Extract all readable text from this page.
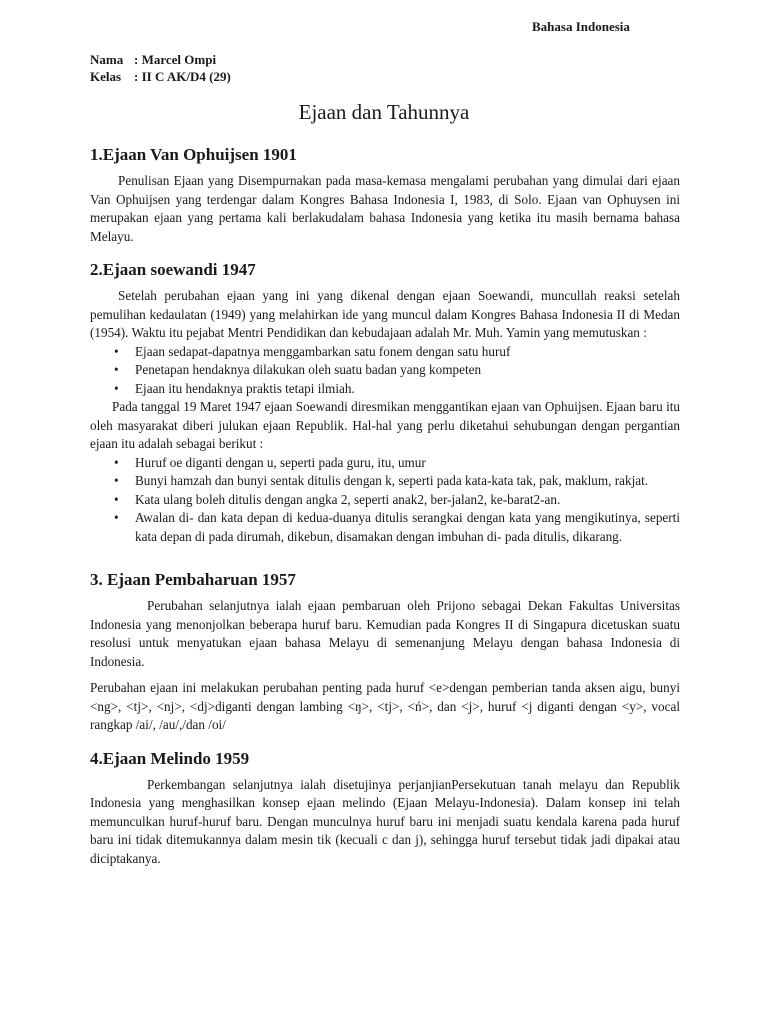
Bahasa Indonesia
Nama : Marcel Ompi
Kelas : II C AK/D4 (29)
Ejaan dan Tahunnya
1.Ejaan Van Ophuijsen 1901

Penulisan Ejaan yang Disempurnakan pada masa-kemasa mengalami perubahan yang dimulai dari ejaan Van Ophuijsen yang terdengar dalam Kongres Bahasa Indonesia I, 1983, di Solo. Ejaan van Ophuysen ini merupakan ejaan yang pertama kali berlakudalam bahasa Indonesia yang ketika itu masih bernama bahasa Melayu.

2.Ejaan soewandi 1947

Setelah perubahan ejaan yang ini yang dikenal dengan ejaan Soewandi, muncullah reaksi setelah pemulihan kedaulatan (1949) yang melahirkan ide yang muncul dalam Kongres Bahasa Indonesia II di Medan (1954). Waktu itu pejabat Mentri Pendidikan dan kebudajaan adalah Mr. Muh. Yamin yang memutuskan :

• Ejaan sedapat-dapatnya menggambarkan satu fonem dengan satu huruf
• Penetapan hendaknya dilakukan oleh suatu badan yang kompeten
• Ejaan itu hendaknya praktis tetapi ilmiah.

Pada tanggal 19 Maret 1947 ejaan Soewandi diresmikan menggantikan ejaan van Ophuijsen. Ejaan baru itu oleh masyarakat diberi julukan ejaan Republik. Hal-hal yang perlu diketahui sehubungan dengan pergantian ejaan itu adalah sebagai berikut :

• Huruf oe diganti dengan u, seperti pada guru, itu, umur
• Bunyi hamzah dan bunyi sentak ditulis dengan k, seperti pada kata-kata tak, pak, maklum, rakjat.
• Kata ulang boleh ditulis dengan angka 2, seperti anak2, ber-jalan2, ke-barat2-an.
• Awalan di- dan kata depan di kedua-duanya ditulis serangkai dengan kata yang mengikutinya, seperti kata depan di pada dirumah, dikebun, disamakan dengan imbuhan di- pada ditulis, dikarang.
3. Ejaan Pembaharuan 1957

Perubahan selanjutnya ialah ejaan pembaruan oleh Prijono sebagai Dekan Fakultas Universitas Indonesia yang menonjolkan beberapa huruf baru. Kemudian pada Kongres II di Singapura dicetuskan suatu resolusi untuk menyatukan ejaan bahasa Melayu di semenanjung Melayu dengan bahasa Indonesia di Indonesia.

Perubahan ejaan ini melakukan perubahan penting pada huruf <e>dengan pemberian tanda aksen aigu, bunyi <ng>, <tj>, <nj>, <dj>diganti dengan lambing <ŋ>, <tj>, <ń>, dan <j>, huruf <j diganti dengan <y>, vocal rangkap /ai/, /au/,/dan /oi/

4.Ejaan Melindo 1959

Perkembangan selanjutnya ialah disetujinya perjanjianPersekutuan tanah melayu dan Republik Indonesia yang menghasilkan konsep ejaan melindo (Ejaan Melayu-Indonesia). Dalam konsep ini telah memunculkan huruf-huruf baru. Dengan munculnya huruf baru ini menjadi suatu kendala karena pada huruf baru ini tidak ditemukannya dalam mesin tik (kecuali c dan j), sehingga huruf tersebut tidak jadi dipakai atau diciptakanya.
